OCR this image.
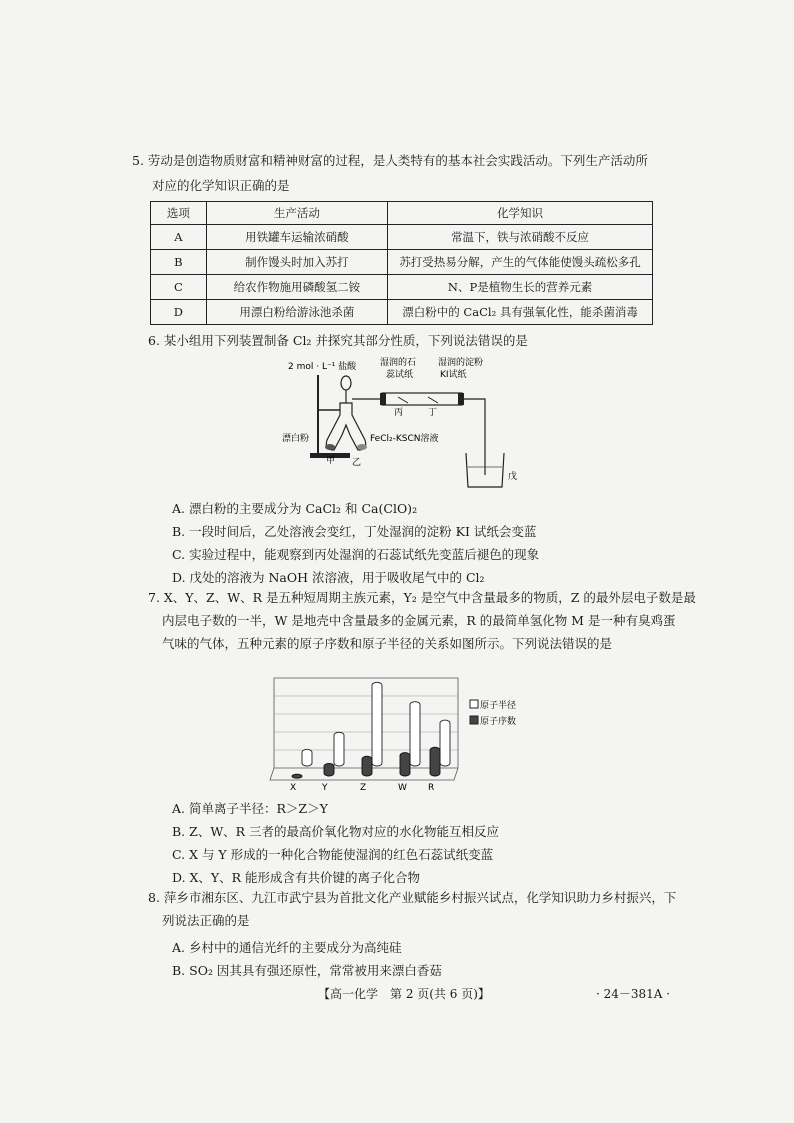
5. 劳动是创造物质财富和精神财富的过程，是人类特有的基本社会实践活动。下列生产活动所
对应的化学知识正确的是
选项	生产活动	化学知识
A	用铁罐车运输浓硝酸	常温下，铁与浓硝酸不反应
B	制作馒头时加入苏打	苏打受热易分解，产生的气体能使馒头疏松多孔
C	给农作物施用磷酸氢二铵	N、P是植物生长的营养元素
D	用漂白粉给游泳池杀菌	漂白粉中的 CaCl₂ 具有强氧化性，能杀菌消毒
6. 某小组用下列装置制备 Cl₂ 并探究其部分性质，下列说法错误的是
2 mol · L⁻¹ 盐酸	湿润的石
蕊试纸
湿润的淀粉
KI试纸
漂白粉	FeCl₂-KSCN溶液
甲 乙
丙	丁
戊
A. 漂白粉的主要成分为 CaCl₂ 和 Ca(ClO)₂
B. 一段时间后，乙处溶液会变红，丁处湿润的淀粉 KI 试纸会变蓝
C. 实验过程中，能观察到丙处湿润的石蕊试纸先变蓝后褪色的现象
D. 戊处的溶液为 NaOH 浓溶液，用于吸收尾气中的 Cl₂
7. X、Y、Z、W、R 是五种短周期主族元素，Y₂ 是空气中含量最多的物质，Z 的最外层电子数是最
内层电子数的一半，W 是地壳中含量最多的金属元素，R 的最简单氢化物 M 是一种有臭鸡蛋
气味的气体，五种元素的原子序数和原子半径的关系如图所示。下列说法错误的是
X	Y	Z	W R
原子半径
原子序数
A. 简单离子半径：R＞Z＞Y
B. Z、W、R 三者的最高价氧化物对应的水化物能互相反应
C. X 与 Y 形成的一种化合物能使湿润的红色石蕊试纸变蓝
D. X、Y、R 能形成含有共价键的离子化合物
8. 萍乡市湘东区、九江市武宁县为首批文化产业赋能乡村振兴试点，化学知识助力乡村振兴，下
列说法正确的是
A. 乡村中的通信光纤的主要成分为高纯硅
B. SO₂ 因其具有强还原性，常常被用来漂白香菇
【高一化学　第 2 页(共 6 页)】	· 24－381A ·
